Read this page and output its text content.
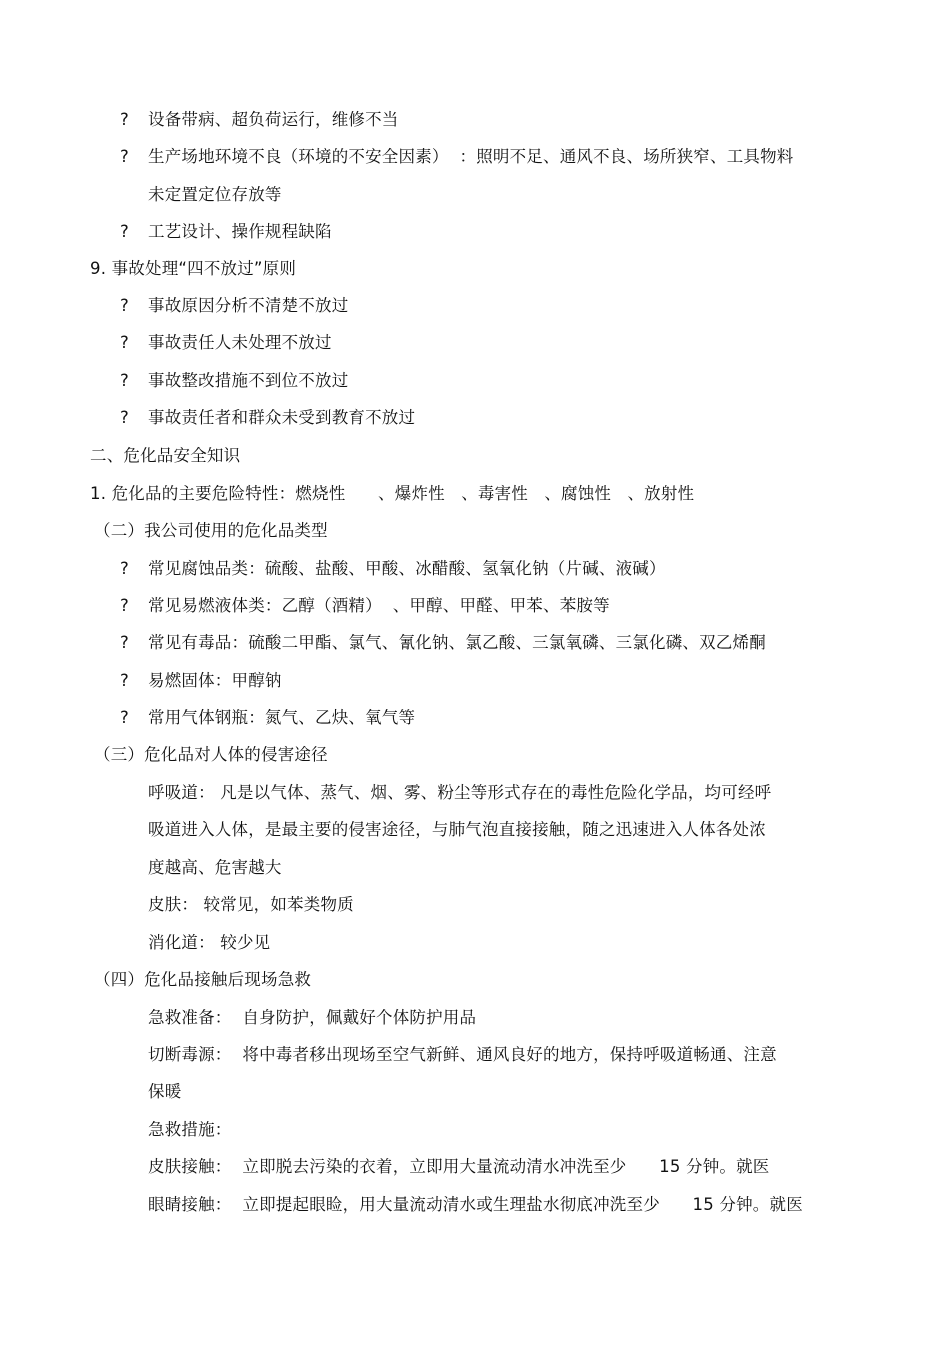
? 设备带病、超负荷运行，维修不当
? 生产场地环境不良（环境的不安全因素）  ：照明不足、通风不良、场所狭窄、工具物料
未定置定位存放等
? 工艺设计、操作规程缺陷
9. 事故处理“四不放过”原则
? 事故原因分析不清楚不放过
? 事故责任人未处理不放过
? 事故整改措施不到位不放过
? 事故责任者和群众未受到教育不放过
二、危化品安全知识
1. 危化品的主要危险特性：燃烧性      、爆炸性   、毒害性   、腐蚀性   、放射性
（二）我公司使用的危化品类型
? 常见腐蚀品类：硫酸、盐酸、甲酸、冰醋酸、氢氧化钠（片碱、液碱）
? 常见易燃液体类：乙醇（酒精）  、甲醇、甲醛、甲苯、苯胺等
? 常见有毒品：硫酸二甲酯、氯气、氰化钠、氯乙酸、三氯氧磷、三氯化磷、双乙烯酮
? 易燃固体：甲醇钠
? 常用气体钢瓶：氮气、乙炔、氧气等
（三）危化品对人体的侵害途径
呼吸道： 凡是以气体、蒸气、烟、雾、粉尘等形式存在的毒性危险化学品，均可经呼
吸道进入人体，是最主要的侵害途径，与肺气泡直接接触，随之迅速进入人体各处浓
度越高、危害越大
皮肤： 较常见，如苯类物质
消化道： 较少见
（四）危化品接触后现场急救
急救准备：  自身防护，佩戴好个体防护用品
切断毒源：  将中毒者移出现场至空气新鲜、通风良好的地方，保持呼吸道畅通、注意
保暖
急救措施：
皮肤接触：  立即脱去污染的衣着，立即用大量流动清水冲洗至少      15 分钟。就医
眼睛接触：  立即提起眼睑，用大量流动清水或生理盐水彻底冲洗至少      15 分钟。就医
